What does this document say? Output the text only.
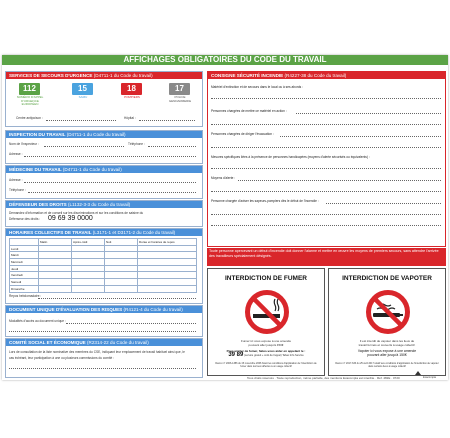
AFFICHAGES OBLIGATOIRES DU CODE DU TRAVAIL
SERVICES DE SECOURS D'URGENCE (D4711-1 du Code du travail)
112
NUMÉRO D'APPEL D'URGENCE EUROPÉEN
15
SAMU
18
POMPIERS
17
POLICE GENDARMERIE
Centre antipoison :	Hôpital :
INSPECTION DU TRAVAIL (D4711-1 du Code du travail)
Nom de l'inspecteur :	Téléphone :
Adresse :
MÉDECINE DU TRAVAIL (D4711-1 du Code du travail)
Adresse :
Téléphone :
DÉFENSEUR DES DROITS (L1132-3-3 du Code du travail)
Demandez d'information et de conseil sur les discriminations et sur les conditions de saisine du
Défenseur des droits : 09 69 39 0000
HORAIRES COLLECTIFS DE TRAVAIL (L3171-1 et D3171-2 du Code du travail)
	Matin	Après-midi	Nuit	Durée et horaires de repos
Lundi				
Mardi				
Mercredi				
Jeudi				
Vendredi				
Samedi				
Dimanche				
Repos hebdomadaire :
DOCUMENT UNIQUE D'ÉVALUATION DES RISQUES (R4121-4 du Code du travail)
Modalités d'accès au document unique :
COMITÉ SOCIAL ET ÉCONOMIQUE (R2314-22 du Code du travail)
Lors de consultation de la liste nominative des membres du CSE, indiquant leur emplacement de travail habituel ainsi que, le
cas échéant, leur participation à une ou plusieurs commissions du comité :
CONSIGNE SÉCURITÉ INCENDIE (R4227-38 du Code du travail)
Matériel d'extinction et de secours dans le local ou à ses abords :
Personnes chargées de mettre ce matériel en action :
Personnes chargées de diriger l'évacuation :
Mesures spécifiques liées à la présence de personnes handicapées (moyens d'alerte sécurisés ou équivalents) :
Moyens d'alerte :
Personne chargée d'aviser les sapeurs-pompiers dès le début de l'incendie :
Toute personne apercevant un début d'incendie doit donner l'alarme et mettre en œuvre les moyens de premiers secours, sans attendre l'arrivée des travailleurs spécialement désignés.
INTERDICTION DE FUMER
Fumer ici vous expose à une amende
pouvant aller jusqu'à 450€
Pour arrêter de fumer, faites-vous aider en appelant le :
39 89 (service gratuit + coût de l'appel) Tabac Info Service
Décret n° 2006-1386 du 15 novembre 2006 fixant les conditions d'application de l'interdiction de fumer dans les lieux affectés à un usage collectif
INTERDICTION DE VAPOTER
Il est interdit de vapoter dans les lieux de
travail fermés et couverts à usage collectif.
Vapoter ici vous expose à une amende
pouvant aller jusqu'à 150€
Décret n° 2017-633 du 25 avril 2017 relatif aux conditions d'application de l'interdiction de vapoter dans certains lieux à usage collectif
Tous droits réservés · Toute reproduction, même partielle, des mentions Exacompta est interdite · Réf. 482E · 0720	Exacompta
